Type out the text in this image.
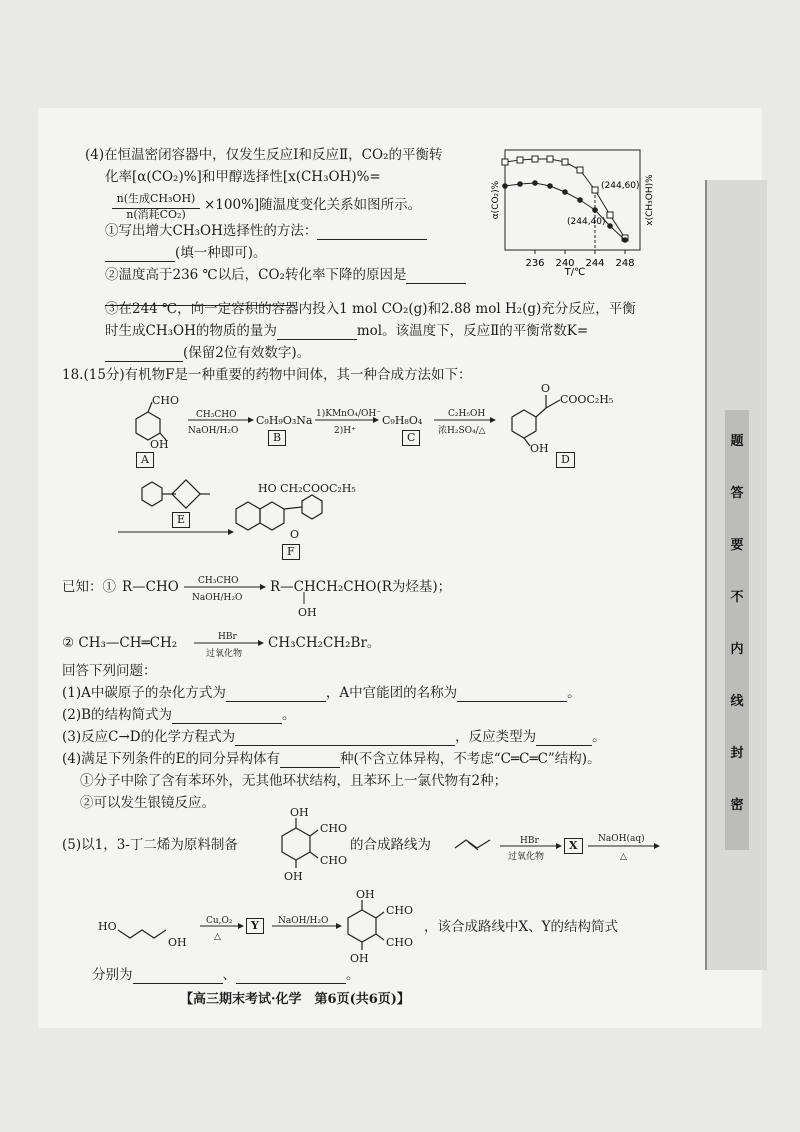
(4)在恒温密闭容器中，仅发生反应Ⅰ和反应Ⅱ，CO₂的平衡转
化率[α(CO₂)%]和甲醇选择性[x(CH₃OH)%=
n(生成CH₃OH)
n(消耗CO₂)
×100%]随温度变化关系如图所示。
①写出增大CH₃OH选择性的方法：
(填一种即可)。
②温度高于236 ℃以后，CO₂转化率下降的原因是
③在244 ℃，向一定容积的容器内投入1 mol CO₂(g)和2.88 mol H₂(g)充分反应，平衡
时生成CH₃OH的物质的量为	mol。该温度下，反应Ⅱ的平衡常数K=
(保留2位有效数字)。
236 240 244 248
(244,60)
(244,40)
α(CO₂)%	x(CH₃OH)%
T/℃
18.(15分)有机物F是一种重要的药物中间体，其一种合成方法如下：
CHO
OH
A
CH₃CHO
NaOH/H₂O
C₉H₉O₃Na
B
1)KMnO₄/OH⁻
2)H⁺
C₉H₈O₄
C
C₂H₅OH
浓H₂SO₄/△
O
COOC₂H₅
OH
D
E
HO CH₂COOC₂H₅
O
F
已知：① R—CHO CH₃CHO
NaOH/H₂O
R—CHCH₂CHO(R为烃基)；
OH
② CH₃—CH═CH₂	HBr
过氧化物
CH₃CH₂CH₂Br。
回答下列问题：
(1)A中碳原子的杂化方式为	，A中官能团的名称为	。
(2)B的结构简式为	。
(3)反应C→D的化学方程式为	，反应类型为	。
(4)满足下列条件的E的同分异构体有	种(不含立体异构，不考虑“C═C═C”结构)。
①分子中除了含有苯环外，无其他环状结构，且苯环上一氯代物有2种；
②可以发生银镜反应。
(5)以1，3-丁二烯为原料制备
OH
CHO
CHO
OH
的合成路线为	HBr
过氧化物
X	NaOH(aq)
△
HO
OH
Cu,O₂
△
Y	NaOH/H₂O
OH
CHO
CHO
OH
，该合成路线中X、Y的结构简式
分别为	、	。
题
答
要
不
内
线
封
密
【高三期末考试·化学　第6页(共6页)】
